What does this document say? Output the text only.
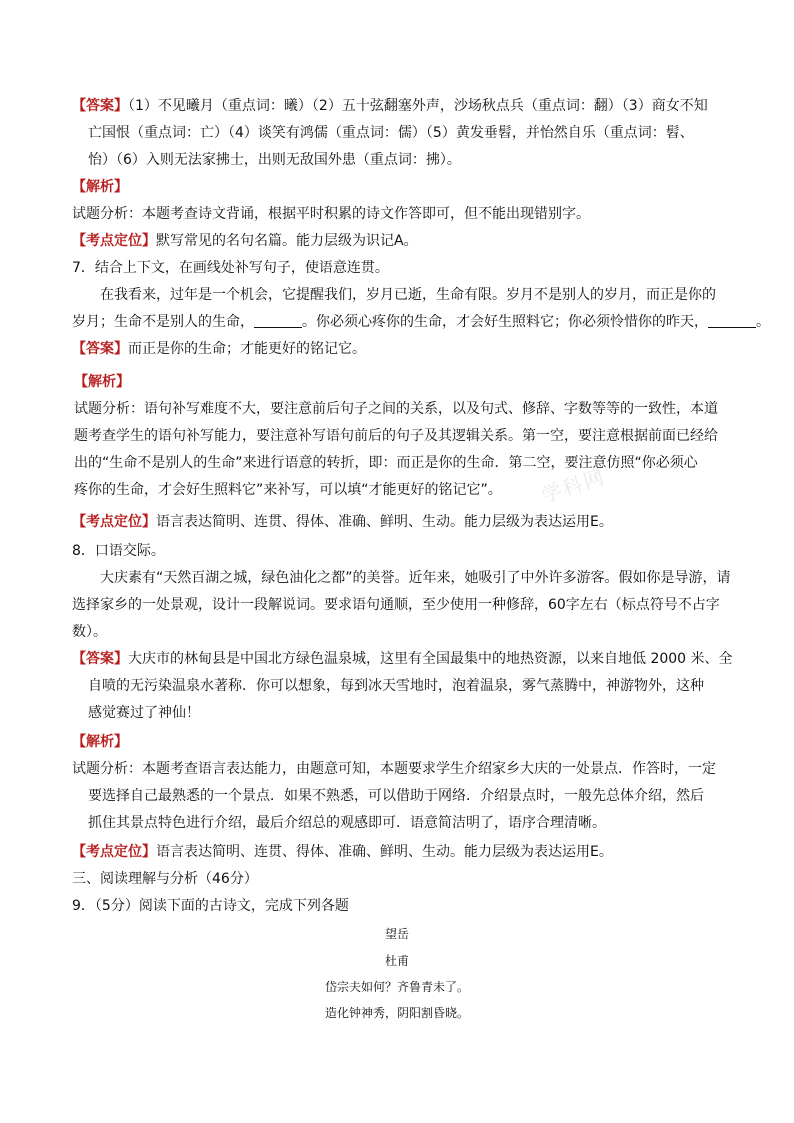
【答案】（1）不见曦月（重点词：曦）（2）五十弦翻塞外声，沙场秋点兵（重点词：翻）（3）商女不知
亡国恨（重点词：亡）（4）谈笑有鸿儒（重点词：儒）（5）黄发垂髫，并怡然自乐（重点词：髫、
怡）（6）入则无法家拂士，出则无敌国外患（重点词：拂）。
【解析】
试题分析：本题考查诗文背诵，根据平时积累的诗文作答即可，但不能出现错别字。
【考点定位】默写常见的名句名篇。能力层级为识记A。
7．结合上下文，在画线处补写句子，使语意连贯。
在我看来，过年是一个机会，它提醒我们，岁月已逝，生命有限。岁月不是别人的岁月，而正是你的
岁月；生命不是别人的生命，	。你必须心疼你的生命，才会好生照料它；你必须怜惜你的昨天，	。
【答案】而正是你的生命；才能更好的铭记它。
【解析】
试题分析：语句补写难度不大，要注意前后句子之间的关系，以及句式、修辞、字数等等的一致性，本道
题考查学生的语句补写能力，要注意补写语句前后的句子及其逻辑关系。第一空，要注意根据前面已经给
出的“生命不是别人的生命”来进行语意的转折，即：而正是你的生命．第二空，要注意仿照“你必须心
疼你的生命，才会好生照料它”来补写，可以填“才能更好的铭记它”。 学科网
【考点定位】语言表达简明、连贯、得体、准确、鲜明、生动。能力层级为表达运用E。
8．口语交际。
大庆素有“天然百湖之城，绿色油化之都”的美誉。近年来，她吸引了中外许多游客。假如你是导游，请
选择家乡的一处景观，设计一段解说词。要求语句通顺，至少使用一种修辞，60字左右（标点符号不占字
数）。
【答案】大庆市的林甸县是中国北方绿色温泉城，这里有全国最集中的地热资源，以来自地低 2000 米、全
自喷的无污染温泉水著称．你可以想象，每到冰天雪地时，泡着温泉，雾气蒸腾中，神游物外，这种
感觉赛过了神仙！
【解析】
试题分析：本题考查语言表达能力，由题意可知，本题要求学生介绍家乡大庆的一处景点．作答时，一定
要选择自己最熟悉的一个景点．如果不熟悉，可以借助于网络．介绍景点时，一般先总体介绍，然后
抓住其景点特色进行介绍，最后介绍总的观感即可．语意简洁明了，语序合理清晰。
【考点定位】语言表达简明、连贯、得体、准确、鲜明、生动。能力层级为表达运用E。
三、阅读理解与分析（46分）
9．（5分）阅读下面的古诗文，完成下列各题
望岳
杜甫
岱宗夫如何？齐鲁青未了。
造化钟神秀，阴阳割昏晓。
